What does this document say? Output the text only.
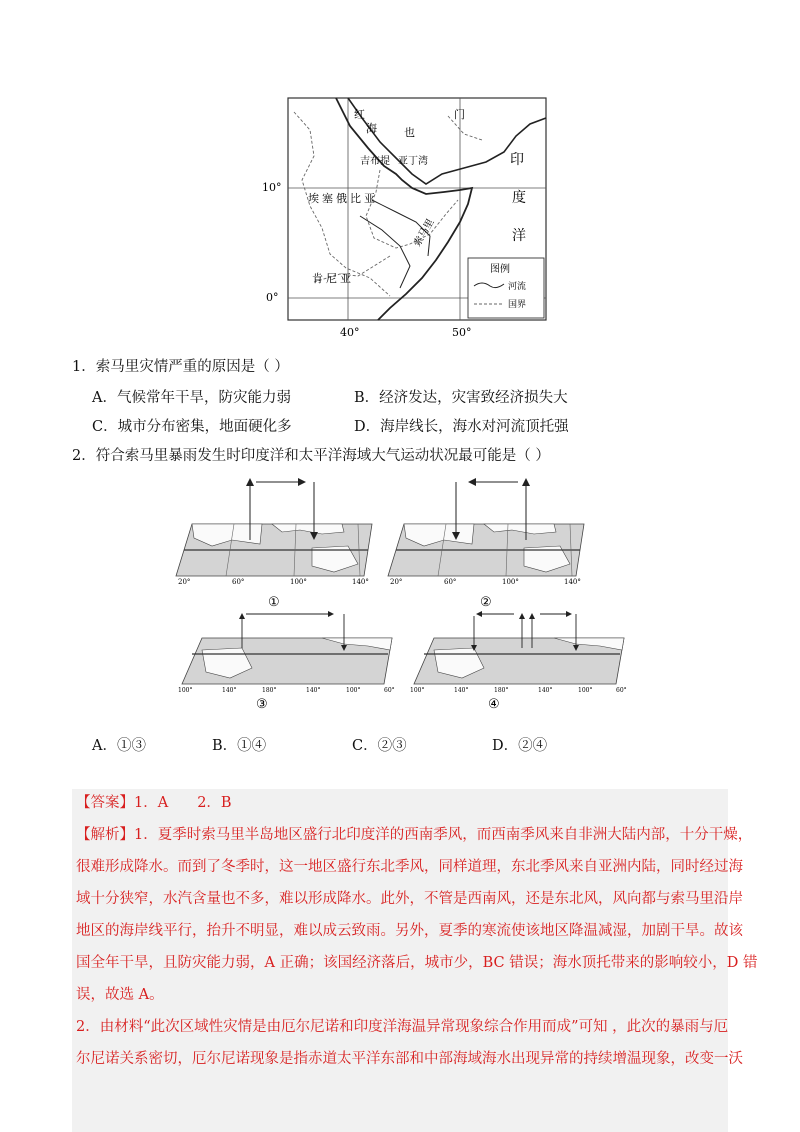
10°
0°
40°	50°
红
海 也
门
吉布提 亚丁湾
埃塞俄比亚
索马里
肯尼亚
印
度
洋
图例
河流
国界
1．索马里灾情严重的原因是（ ）
A．气候常年干旱，防灾能力弱	B．经济发达，灾害致经济损失大
C．城市分布密集，地面硬化多	D．海岸线长，海水对河流顶托强
2．符合索马里暴雨发生时印度洋和太平洋海域大气运动状况最可能是（ ）
20°	60°	100°	140°
①
20°	60°	100°	140°
②
100°	140°	180°	140°	100°	60°
③
100°	140°	180°	140°	100°	60°
④
A．①③	B．①④	C．②③	D．②④
【答案】1．A　　2．B
【解析】1．夏季时索马里半岛地区盛行北印度洋的西南季风，而西南季风来自非洲大陆内部，十分干燥，
很难形成降水。而到了冬季时，这一地区盛行东北季风，同样道理，东北季风来自亚洲内陆，同时经过海
域十分狭窄，水汽含量也不多，难以形成降水。此外，不管是西南风，还是东北风，风向都与索马里沿岸
地区的海岸线平行，抬升不明显，难以成云致雨。另外，夏季的寒流使该地区降温减湿，加剧干旱。故该
国全年干旱，且防灾能力弱，A 正确；该国经济落后，城市少，BC 错误；海水顶托带来的影响较小，D 错
误，故选 A。
2．由材料“此次区域性灾情是由厄尔尼诺和印度洋海温异常现象综合作用而成”可知 ，此次的暴雨与厄
尔尼诺关系密切，厄尔尼诺现象是指赤道太平洋东部和中部海域海水出现异常的持续增温现象，改变一沃
